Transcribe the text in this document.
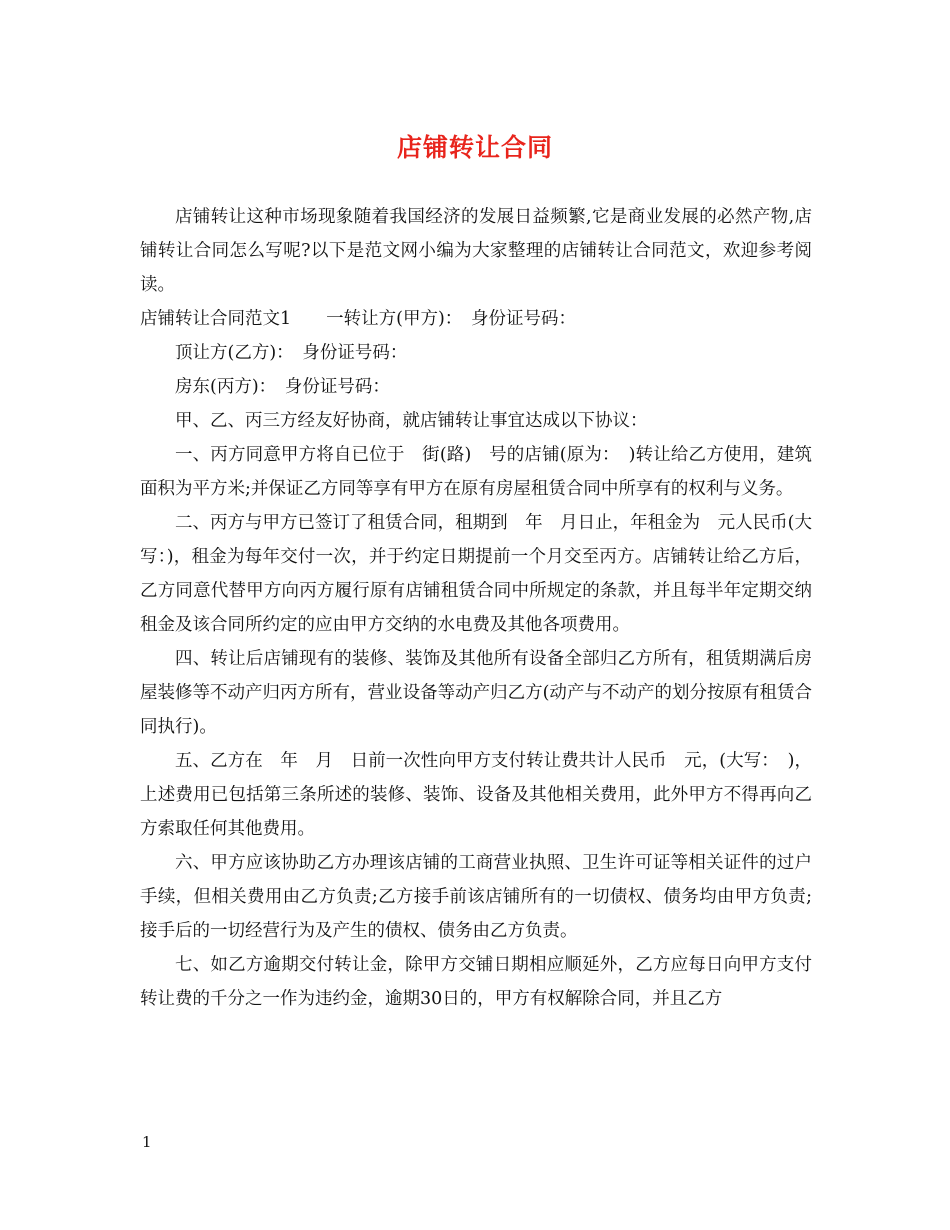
店铺转让合同

店铺转让这种市场现象随着我国经济的发展日益频繁,它是商业发展的必然产物,店铺转让合同怎么写呢?以下是范文网小编为大家整理的店铺转让合同范文，欢迎参考阅读。

店铺转让合同范文1　　一转让方(甲方)：　身份证号码：

顶让方(乙方)：　身份证号码：

房东(丙方)：　身份证号码：

甲、乙、丙三方经友好协商，就店铺转让事宜达成以下协议：

一、丙方同意甲方将自已位于　街(路)　号的店铺(原为：　)转让给乙方使用，建筑面积为平方米;并保证乙方同等享有甲方在原有房屋租赁合同中所享有的权利与义务。

二、丙方与甲方已签订了租赁合同，租期到　年　月日止，年租金为　元人民币(大写：)，租金为每年交付一次，并于约定日期提前一个月交至丙方。店铺转让给乙方后，乙方同意代替甲方向丙方履行原有店铺租赁合同中所规定的条款，并且每半年定期交纳租金及该合同所约定的应由甲方交纳的水电费及其他各项费用。

四、转让后店铺现有的装修、装饰及其他所有设备全部归乙方所有，租赁期满后房屋装修等不动产归丙方所有，营业设备等动产归乙方(动产与不动产的划分按原有租赁合同执行)。

五、乙方在　年　月　日前一次性向甲方支付转让费共计人民币　元，(大写：　)，上述费用已包括第三条所述的装修、装饰、设备及其他相关费用，此外甲方不得再向乙方索取任何其他费用。

六、甲方应该协助乙方办理该店铺的工商营业执照、卫生许可证等相关证件的过户手续，但相关费用由乙方负责;乙方接手前该店铺所有的一切债权、债务均由甲方负责;接手后的一切经营行为及产生的债权、债务由乙方负责。

七、如乙方逾期交付转让金，除甲方交铺日期相应顺延外，乙方应每日向甲方支付转让费的千分之一作为违约金，逾期30日的，甲方有权解除合同，并且乙方

1
